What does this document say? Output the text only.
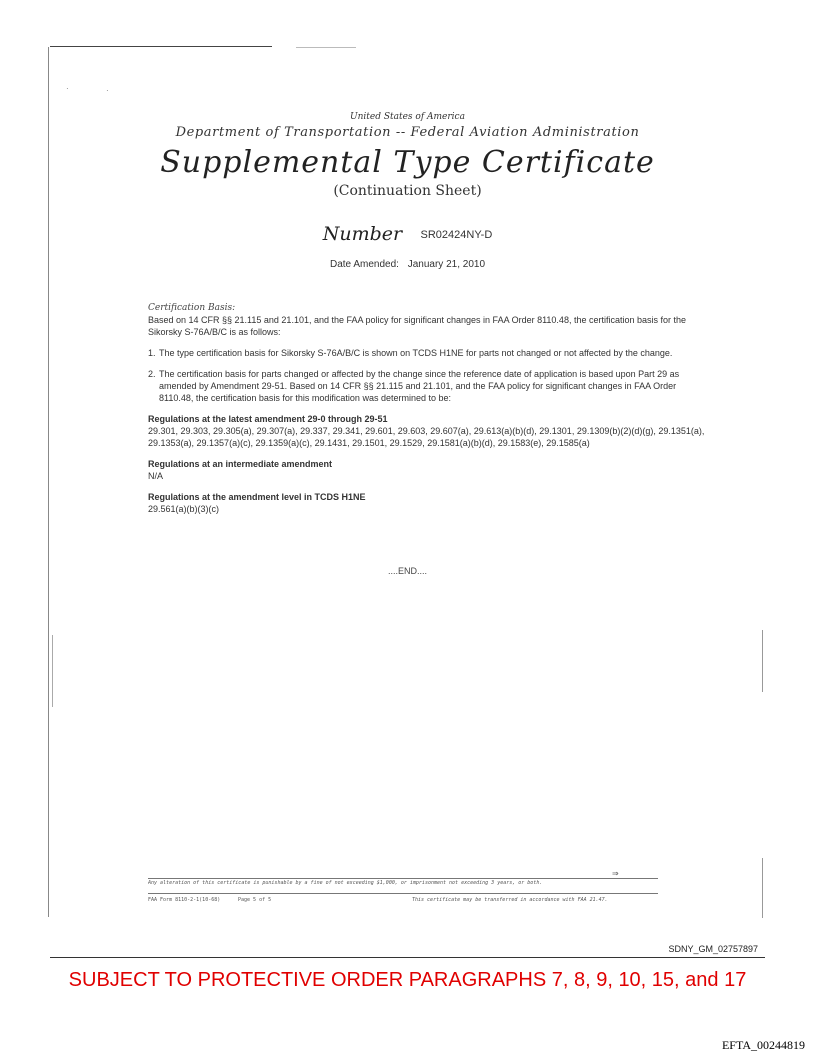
·	·
United States of America
Department of Transportation -- Federal Aviation Administration
Supplemental Type Certificate
(Continuation Sheet)
Number SR02424NY-D
Date Amended: January 21, 2010
Certification Basis:

Based on 14 CFR §§ 21.115 and 21.101, and the FAA policy for significant changes in FAA Order 8110.48, the certification basis for the Sikorsky S-76A/B/C is as follows:

1. The type certification basis for Sikorsky S-76A/B/C is shown on TCDS H1NE for parts not changed or not affected by the change.
2. The certification basis for parts changed or affected by the change since the reference date of application is based upon Part 29 as amended by Amendment 29-51. Based on 14 CFR §§ 21.115 and 21.101, and the FAA policy for significant changes in FAA Order 8110.48, the certification basis for this modification was determined to be:
Regulations at the latest amendment 29-0 through 29-51
29.301, 29.303, 29.305(a), 29.307(a), 29.337, 29.341, 29.601, 29.603, 29.607(a), 29.613(a)(b)(d), 29.1301, 29.1309(b)(2)(d)(g), 29.1351(a), 29.1353(a), 29.1357(a)(c), 29.1359(a)(c), 29.1431, 29.1501, 29.1529, 29.1581(a)(b)(d), 29.1583(e), 29.1585(a)
Regulations at an intermediate amendment
N/A
Regulations at the amendment level in TCDS H1NE
29.561(a)(b)(3)(c)
....END....
⇒
Any alteration of this certificate is punishable by a fine of not exceeding $1,000, or imprisonment not exceeding 3 years, or both.
FAA Form 8110-2-1(10-68)	Page 5 of 5	This certificate may be transferred in accordance with FAA 21.47.
SDNY_GM_02757897
SUBJECT TO PROTECTIVE ORDER PARAGRAPHS 7, 8, 9, 10, 15, and 17
EFTA_00244819
